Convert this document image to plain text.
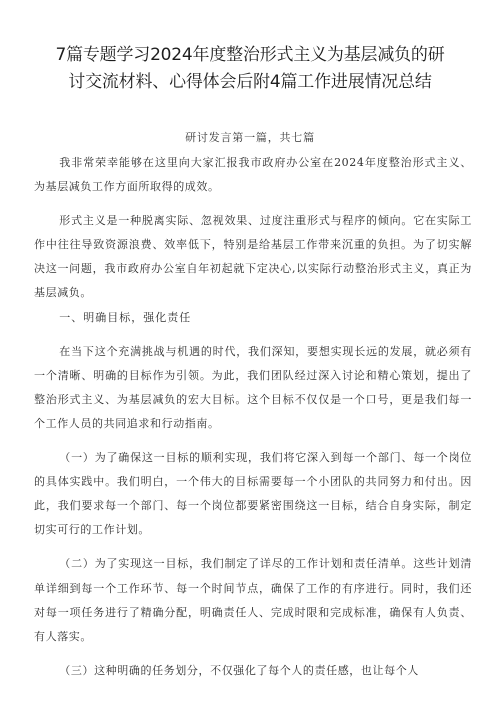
7篇专题学习2024年度整治形式主义为基层减负的研
讨交流材料、心得体会后附4篇工作进展情况总结
研讨发言第一篇，共七篇

我非常荣幸能够在这里向大家汇报我市政府办公室在2024年度整治形式主义、为基层减负工作方面所取得的成效。

形式主义是一种脱离实际、忽视效果、过度注重形式与程序的倾向。它在实际工作中往往导致资源浪费、效率低下，特别是给基层工作带来沉重的负担。为了切实解决这一问题，我市政府办公室自年初起就下定决心,以实际行动整治形式主义，真正为基层减负。

一、明确目标，强化责任

在当下这个充满挑战与机遇的时代，我们深知，要想实现长远的发展，就必须有一个清晰、明确的目标作为引领。为此，我们团队经过深入讨论和精心策划，提出了整治形式主义、为基层减负的宏大目标。这个目标不仅仅是一个口号，更是我们每一个工作人员的共同追求和行动指南。

（一）为了确保这一目标的顺利实现，我们将它深入到每一个部门、每一个岗位的具体实践中。我们明白，一个伟大的目标需要每一个小团队的共同努力和付出。因此，我们要求每一个部门、每一个岗位都要紧密围绕这一目标，结合自身实际，制定切实可行的工作计划。

（二）为了实现这一目标，我们制定了详尽的工作计划和责任清单。这些计划清单详细到每一个工作环节、每一个时间节点，确保了工作的有序进行。同时，我们还对每一项任务进行了精确分配，明确责任人、完成时限和完成标准，确保有人负责、有人落实。

（三）这种明确的任务划分，不仅强化了每个人的责任感，也让每个人
